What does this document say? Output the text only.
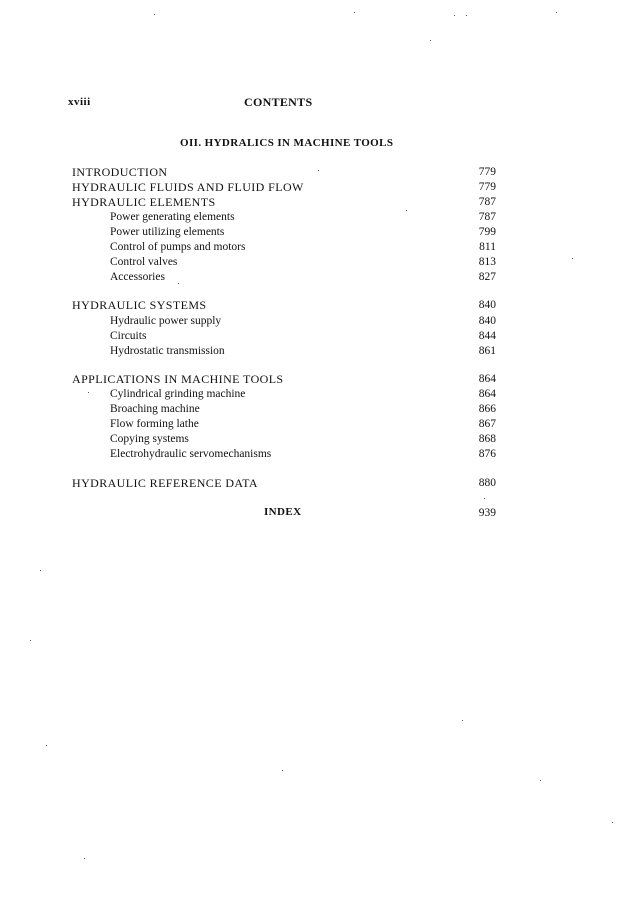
xviii	CONTENTS
OII. HYDRALICS IN MACHINE TOOLS
INTRODUCTION	779
HYDRAULIC FLUIDS AND FLUID FLOW	779
HYDRAULIC ELEMENTS	787
Power generating elements	787
Power utilizing elements	799
Control of pumps and motors	811
Control valves	813
Accessories	827
HYDRAULIC SYSTEMS	840
Hydraulic power supply	840
Circuits	844
Hydrostatic transmission	861
APPLICATIONS IN MACHINE TOOLS	864
Cylindrical grinding machine	864
Broaching machine	866
Flow forming lathe	867
Copying systems	868
Electrohydraulic servomechanisms	876
HYDRAULIC REFERENCE DATA	880
INDEX	939
